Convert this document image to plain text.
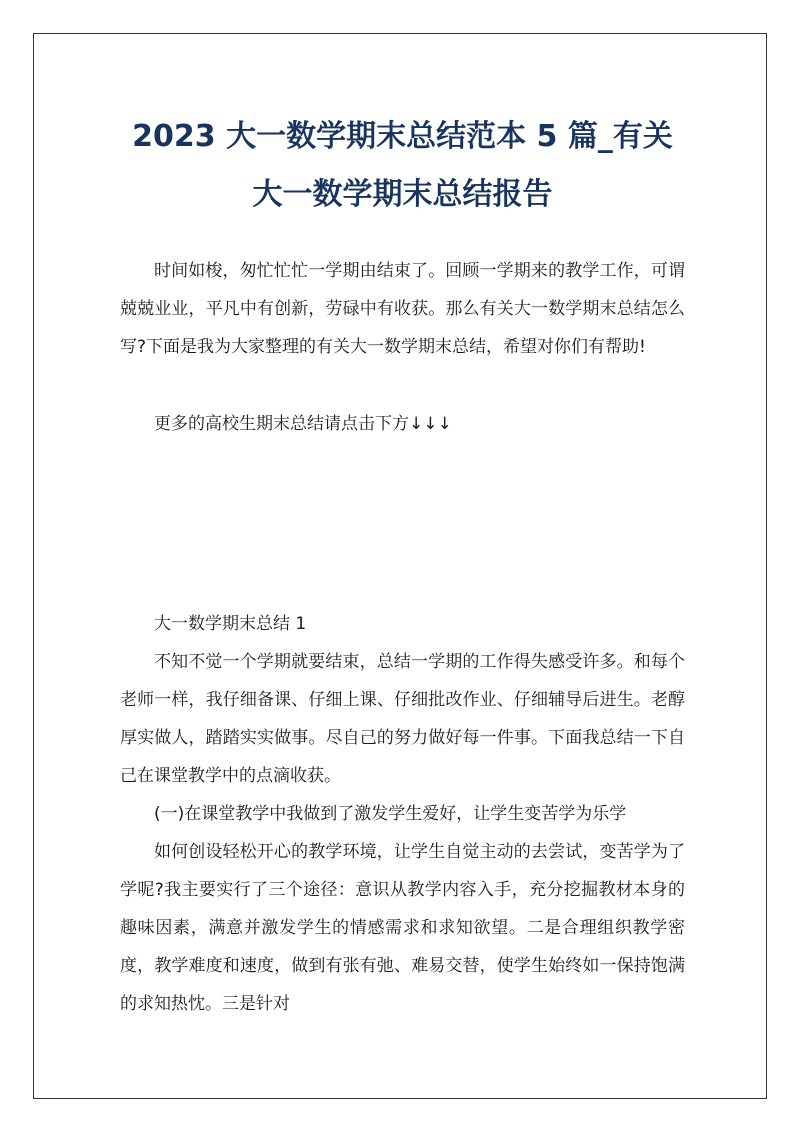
2023 大一数学期末总结范本 5 篇_有关大一数学期末总结报告

时间如梭，匆忙忙忙一学期由结束了。回顾一学期来的教学工作，可谓兢兢业业，平凡中有创新，劳碌中有收获。那么有关大一数学期末总结怎么写?下面是我为大家整理的有关大一数学期末总结，希望对你们有帮助!

更多的高校生期末总结请点击下方↓↓↓

大一数学期末总结 1

不知不觉一个学期就要结束，总结一学期的工作得失感受许多。和每个老师一样，我仔细备课、仔细上课、仔细批改作业、仔细辅导后进生。老醇厚实做人，踏踏实实做事。尽自己的努力做好每一件事。下面我总结一下自己在课堂教学中的点滴收获。

(一)在课堂教学中我做到了激发学生爱好，让学生变苦学为乐学

如何创设轻松开心的教学环境，让学生自觉主动的去尝试，变苦学为了学呢?我主要实行了三个途径：意识从教学内容入手，充分挖掘教材本身的趣味因素，满意并激发学生的情感需求和求知欲望。二是合理组织教学密度，教学难度和速度，做到有张有弛、难易交替，使学生始终如一保持饱满的求知热忱。三是针对
